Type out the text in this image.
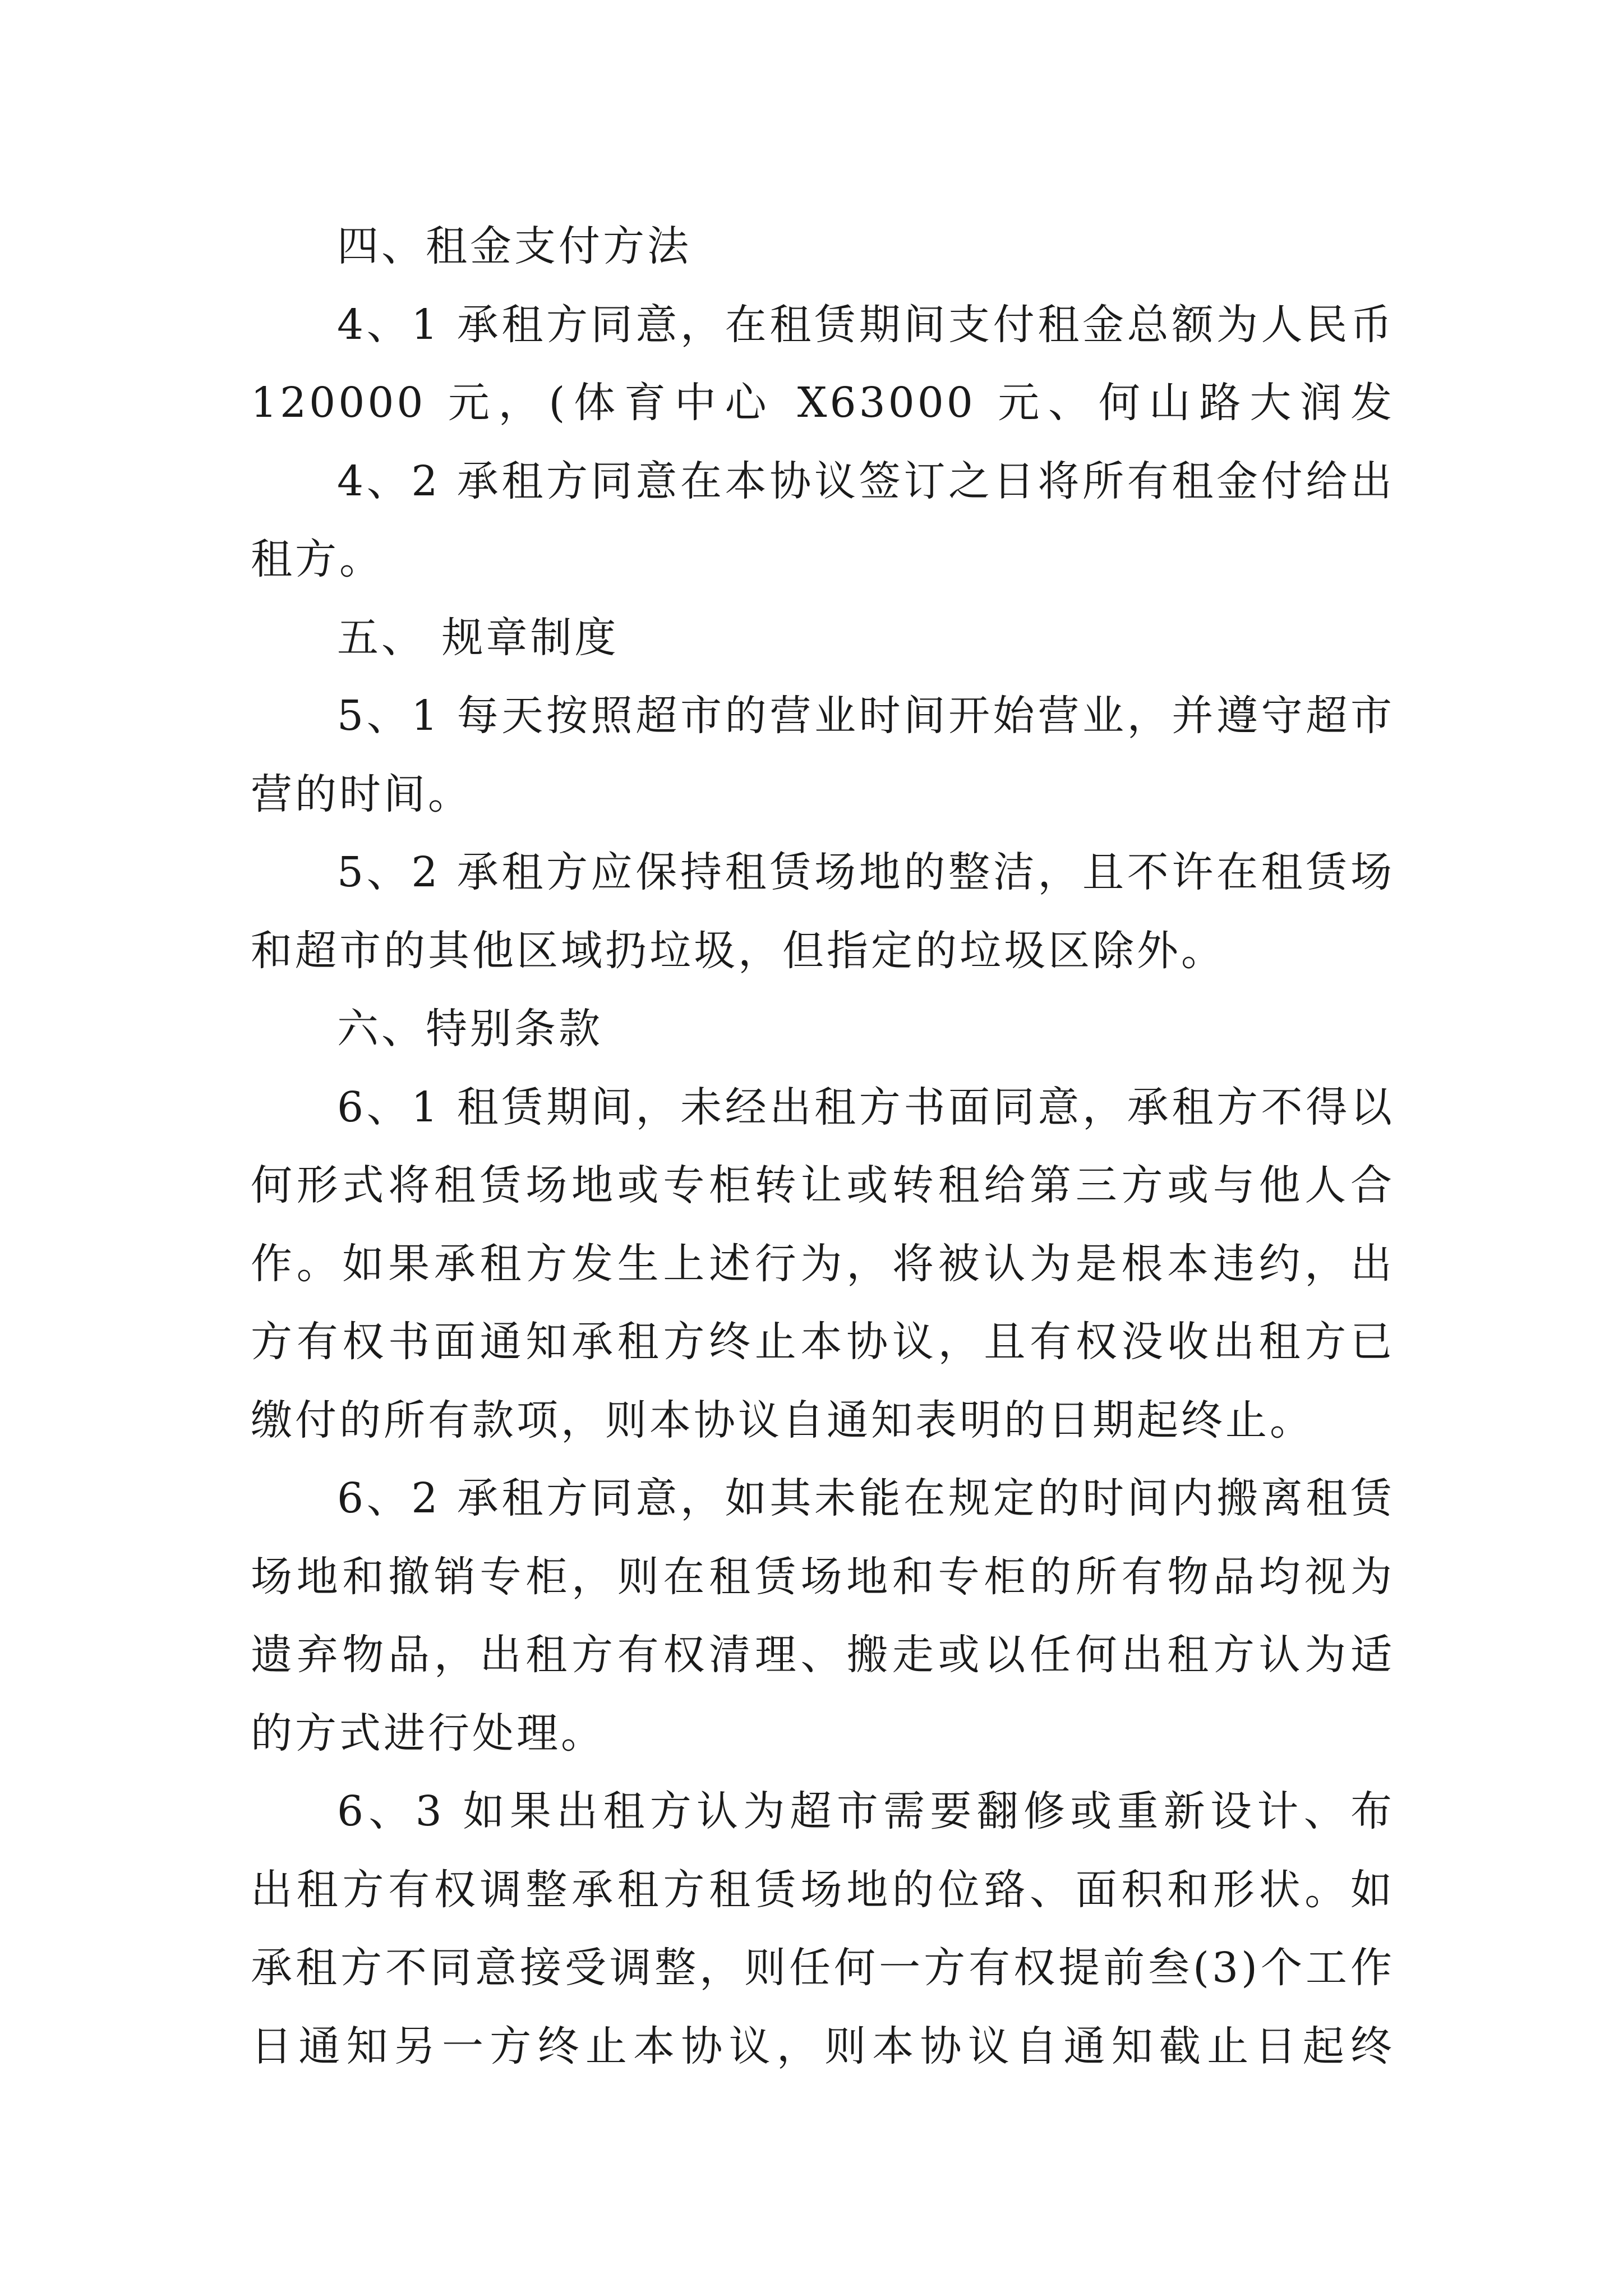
四、租金支付方法
4、1 承租方同意，在租赁期间支付租金总额为人民币
120000 元，(体育中心 X63000 元、何山路大润发
4、2 承租方同意在本协议签订之日将所有租金付给出
租方。
五、 规章制度
5、1 每天按照超市的营业时间开始营业，并遵守超市
营的时间。
5、2 承租方应保持租赁场地的整洁，且不许在租赁场
和超市的其他区域扔垃圾，但指定的垃圾区除外。
六、特别条款
6、1 租赁期间，未经出租方书面同意，承租方不得以
何形式将租赁场地或专柜转让或转租给第三方或与他人合
作。如果承租方发生上述行为，将被认为是根本违约，出
方有权书面通知承租方终止本协议，且有权没收出租方已
缴付的所有款项，则本协议自通知表明的日期起终止。
6、2 承租方同意，如其未能在规定的时间内搬离租赁
场地和撤销专柜，则在租赁场地和专柜的所有物品均视为
遗弃物品，出租方有权清理、搬走或以任何出租方认为适
的方式进行处理。
6、3 如果出租方认为超市需要翻修或重新设计、布
出租方有权调整承租方租赁场地的位臵、面积和形状。如
承租方不同意接受调整，则任何一方有权提前叁(3)个工作
日通知另一方终止本协议，则本协议自通知截止日起终
